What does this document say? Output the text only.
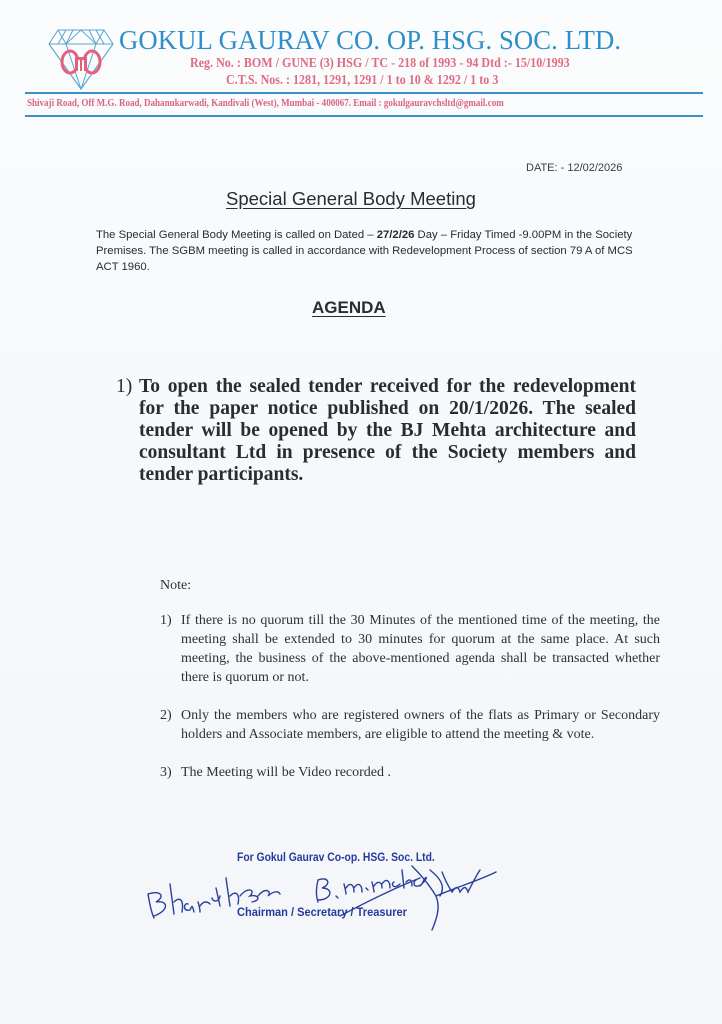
GOKUL GAURAV CO. OP. HSG. SOC. LTD.
Reg. No. : BOM / GUNE (3) HSG / TC - 218 of 1993 - 94 Dtd :- 15/10/1993
C.T.S. Nos. : 1281, 1291, 1291 / 1 to 10 & 1292 / 1 to 3
Shivaji Road, Off M.G. Road, Dahanukarwadi, Kandivali (West), Mumbai - 400067. Email : gokulgauravchsltd@gmail.com
DATE: - 12/02/2026
Special General Body Meeting
The Special General Body Meeting is called on Dated – 27/2/26 Day – Friday Timed -9.00PM in the Society Premises. The SGBM meeting is called in accordance with Redevelopment Process of section 79 A of MCS ACT 1960.
AGENDA
1) To open the sealed tender received for the redevelopment for the paper notice published on 20/1/2026. The sealed tender will be opened by the BJ Mehta architecture and consultant Ltd in presence of the Society members and tender participants.
Note:
1) If there is no quorum till the 30 Minutes of the mentioned time of the meeting, the meeting shall be extended to 30 minutes for quorum at the same place. At such meeting, the business of the above-mentioned agenda shall be transacted whether there is quorum or not.
2) Only the members who are registered owners of the flats as Primary or Secondary holders and Associate members, are eligible to attend the meeting & vote.
3) The Meeting will be Video recorded .
For Gokul Gaurav Co-op. HSG. Soc. Ltd.
Chairman / Secretary / Treasurer
